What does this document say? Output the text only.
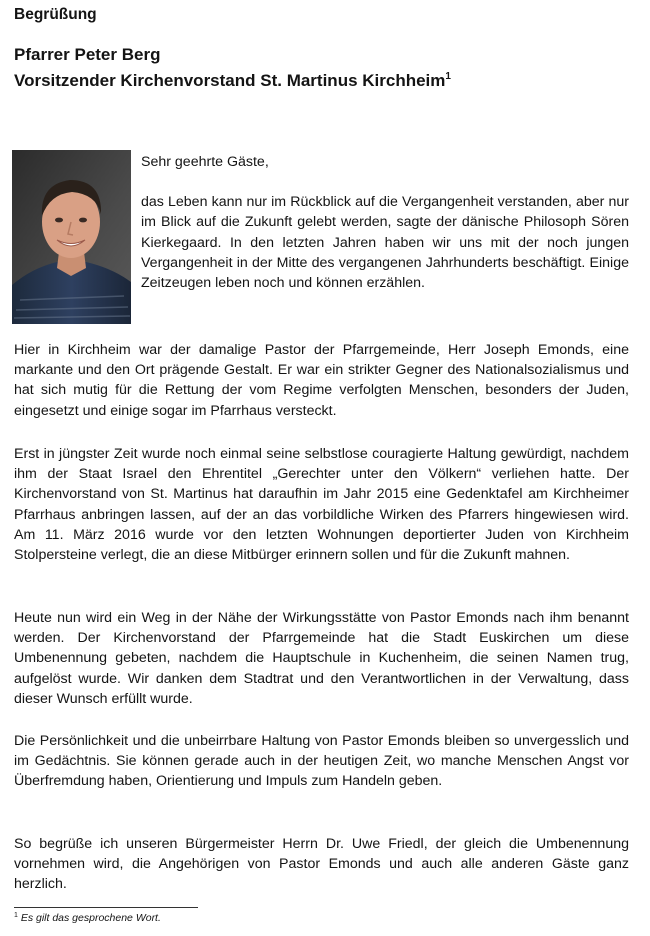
Begrüßung
Pfarrer Peter Berg
Vorsitzender Kirchenvorstand St. Martinus Kirchheim$^1$

Sehr geehrte Gäste,

das Leben kann nur im Rückblick auf die Vergangenheit verstanden, aber nur im Blick auf die Zukunft gelebt werden, sagte der dänische Philosoph Sören Kierkegaard. In den letzten Jahren haben wir uns mit der noch jungen Vergangenheit in der Mitte des vergangenen Jahrhunderts beschäftigt. Einige Zeitzeugen leben noch und können erzählen.

Hier in Kirchheim war der damalige Pastor der Pfarrgemeinde, Herr Joseph Emonds, eine markante und den Ort prägende Gestalt. Er war ein strikter Gegner des Nationalsozialismus und hat sich mutig für die Rettung der vom Regime verfolgten Menschen, besonders der Juden, eingesetzt und einige sogar im Pfarrhaus versteckt.

Erst in jüngster Zeit wurde noch einmal seine selbstlose couragierte Haltung gewürdigt, nachdem ihm der Staat Israel den Ehrentitel „Gerechter unter den Völkern“ verliehen hatte. Der Kirchenvorstand von St. Martinus hat daraufhin im Jahr 2015 eine Gedenktafel am Kirchheimer Pfarrhaus anbringen lassen, auf der an das vorbildliche Wirken des Pfarrers hingewiesen wird. Am 11. März 2016 wurde vor den letzten Wohnungen deportierter Juden von Kirchheim Stolpersteine verlegt, die an diese Mitbürger erinnern sollen und für die Zukunft mahnen.

Heute nun wird ein Weg in der Nähe der Wirkungsstätte von Pastor Emonds nach ihm benannt werden. Der Kirchenvorstand der Pfarrgemeinde hat die Stadt Euskirchen um diese Umbenennung gebeten, nachdem die Hauptschule in Kuchenheim, die seinen Namen trug, aufgelöst wurde. Wir danken dem Stadtrat und den Verantwortlichen in der Verwaltung, dass dieser Wunsch erfüllt wurde.

Die Persönlichkeit und die unbeirrbare Haltung von Pastor Emonds bleiben so unvergesslich und im Gedächtnis. Sie können gerade auch in der heutigen Zeit, wo manche Menschen Angst vor Überfremdung haben, Orientierung und Impuls zum Handeln geben.

So begrüße ich unseren Bürgermeister Herrn Dr. Uwe Friedl, der gleich die Umbenennung vornehmen wird, die Angehörigen von Pastor Emonds und auch alle anderen Gäste ganz herzlich.

$^1$ Es gilt das gesprochene Wort.
